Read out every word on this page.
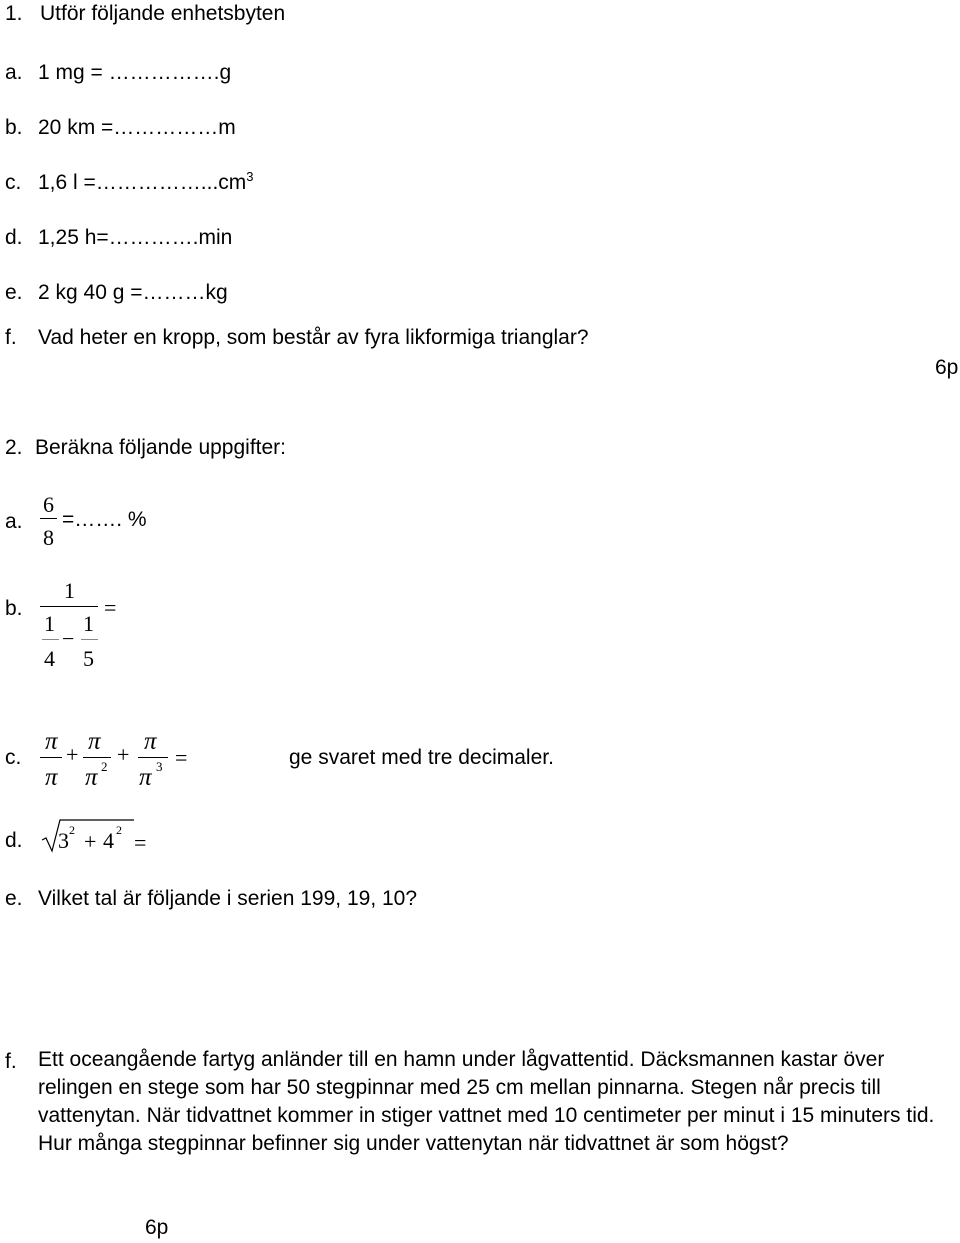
1. Utför följande enhetsbyten
a. 1 mg = …………….g
b. 20 km =……………m
c. 1,6 $l =\dots\dots\dots\dots\dots...cm^3$
d. 1,25 h=………….min
e. 2 kg 40 g =………kg
f. Vad heter en kropp, som består av fyra likformiga trianglar?
6p
2. Beräkna följande uppgifter:
a.
6
8
=……. %
b.
1
1
4
−
1
5
=
c.
π
π
+ π
π 2 + π
π 3 =	ge svaret med tre decimaler.
d. 3 2 + 4 2 =
e. Vilket tal är följande i serien 199, 19, 10?
f. Ett oceangående fartyg anländer till en hamn under lågvattentid. Däcksmannen kastar över relingen en stege som har 50 stegpinnar med 25 cm mellan pinnarna. Stegen når precis till vattenytan. När tidvattnet kommer in stiger vattnet med 10 centimeter per minut i 15 minuters tid. Hur många stegpinnar befinner sig under vattenytan när tidvattnet är som högst?
6p
